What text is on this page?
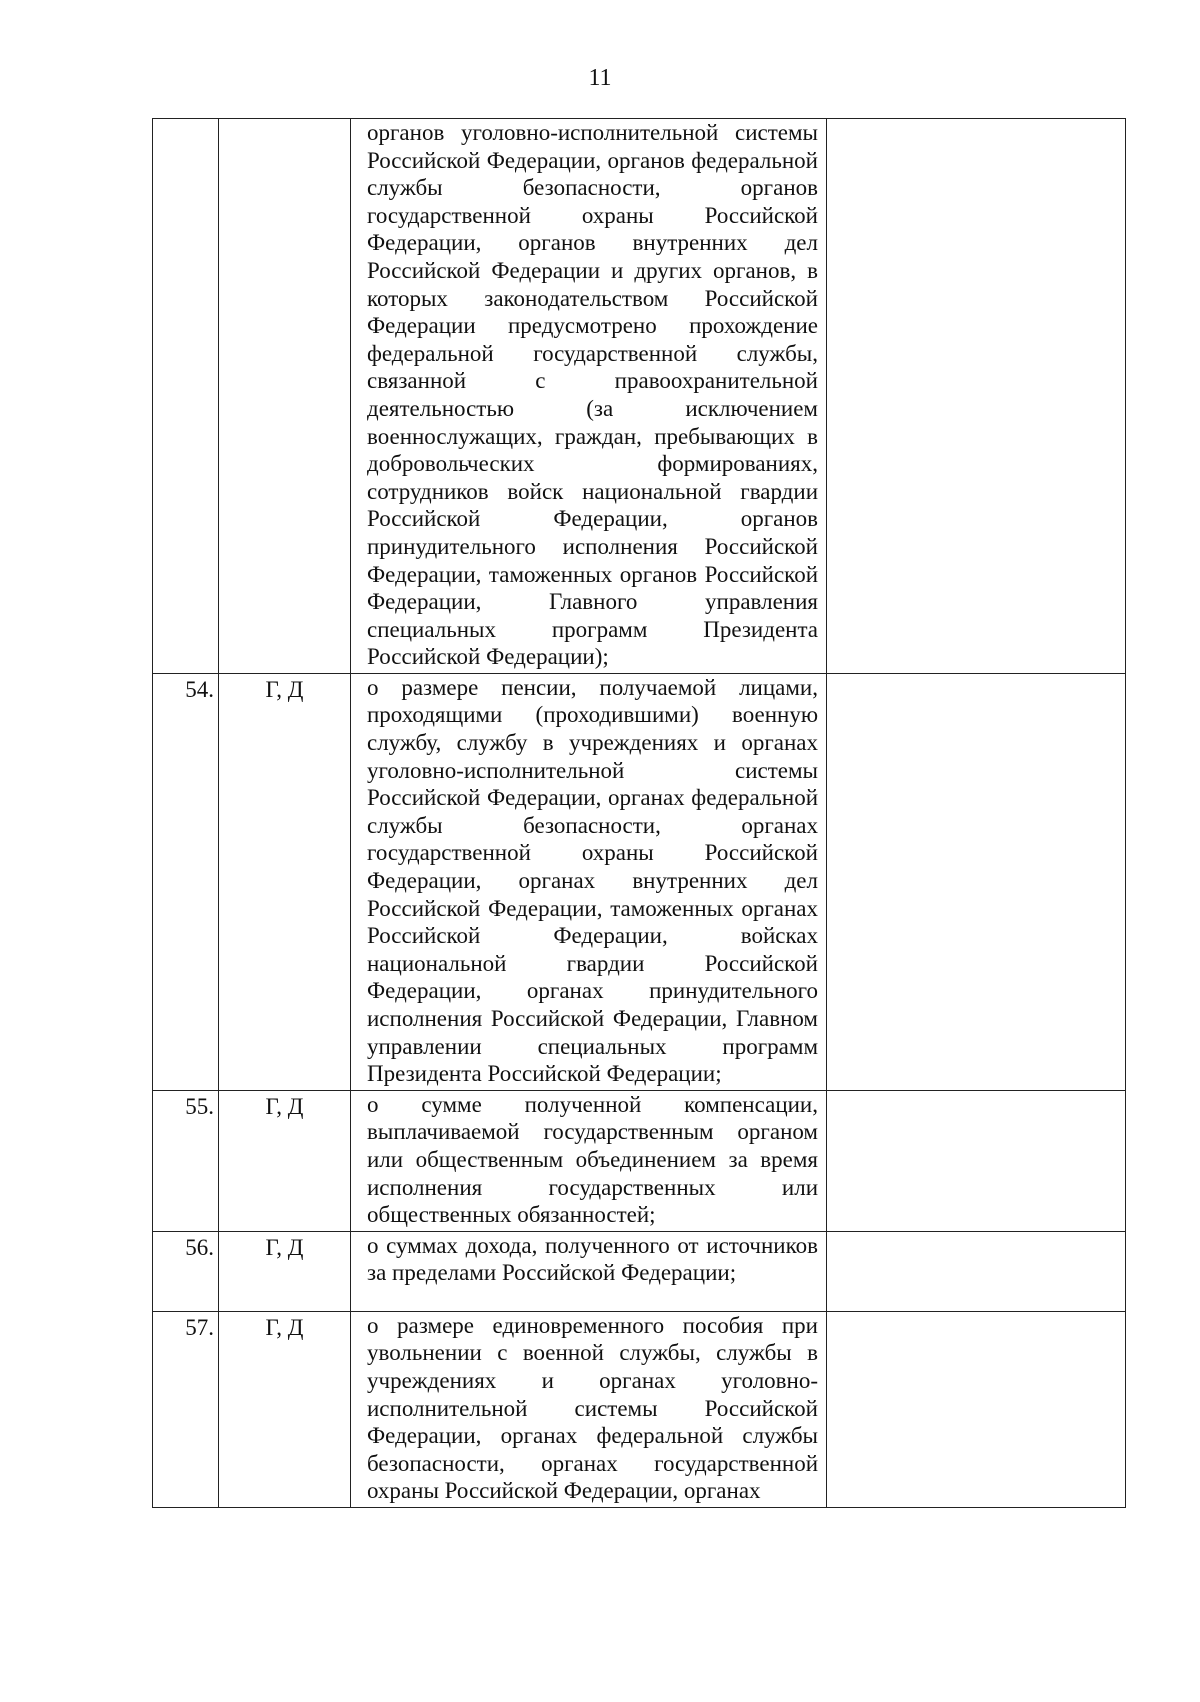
11
		органов уголовно-исполнительной системы Российской Федерации, органов федеральной службы безопасности, органов государственной охраны Российской Федерации, органов внутренних дел Российской Федерации и других органов, в которых законодательством Российской Федерации предусмотрено прохождение федеральной государственной службы, связанной с правоохранительной деятельностью (за исключением военнослужащих, граждан, пребывающих в добровольческих формированиях, сотрудников войск национальной гвардии Российской Федерации, органов принудительного исполнения Российской Федерации, таможенных органов Российской Федерации, Главного управления специальных программ Президента Российской Федерации);	
54.	Г, Д	о размере пенсии, получаемой лицами, проходящими (проходившими) военную службу, службу в учреждениях и органах уголовно-исполнительной системы Российской Федерации, органах федеральной службы безопасности, органах государственной охраны Российской Федерации, органах внутренних дел Российской Федерации, таможенных органах Российской Федерации, войсках национальной гвардии Российской Федерации, органах принудительного исполнения Российской Федерации, Главном управлении специальных программ Президента Российской Федерации;	
55.	Г, Д	о сумме полученной компенсации, выплачиваемой государственным органом или общественным объединением за время исполнения государственных или общественных обязанностей;	
56.	Г, Д	о суммах дохода, полученного от источников за пределами Российской Федерации;	
57.	Г, Д	о размере единовременного пособия при увольнении с военной службы, службы в учреждениях и органах уголовно-исполнительной системы Российской Федерации, органах федеральной службы безопасности, органах государственной охраны Российской Федерации, органах	
